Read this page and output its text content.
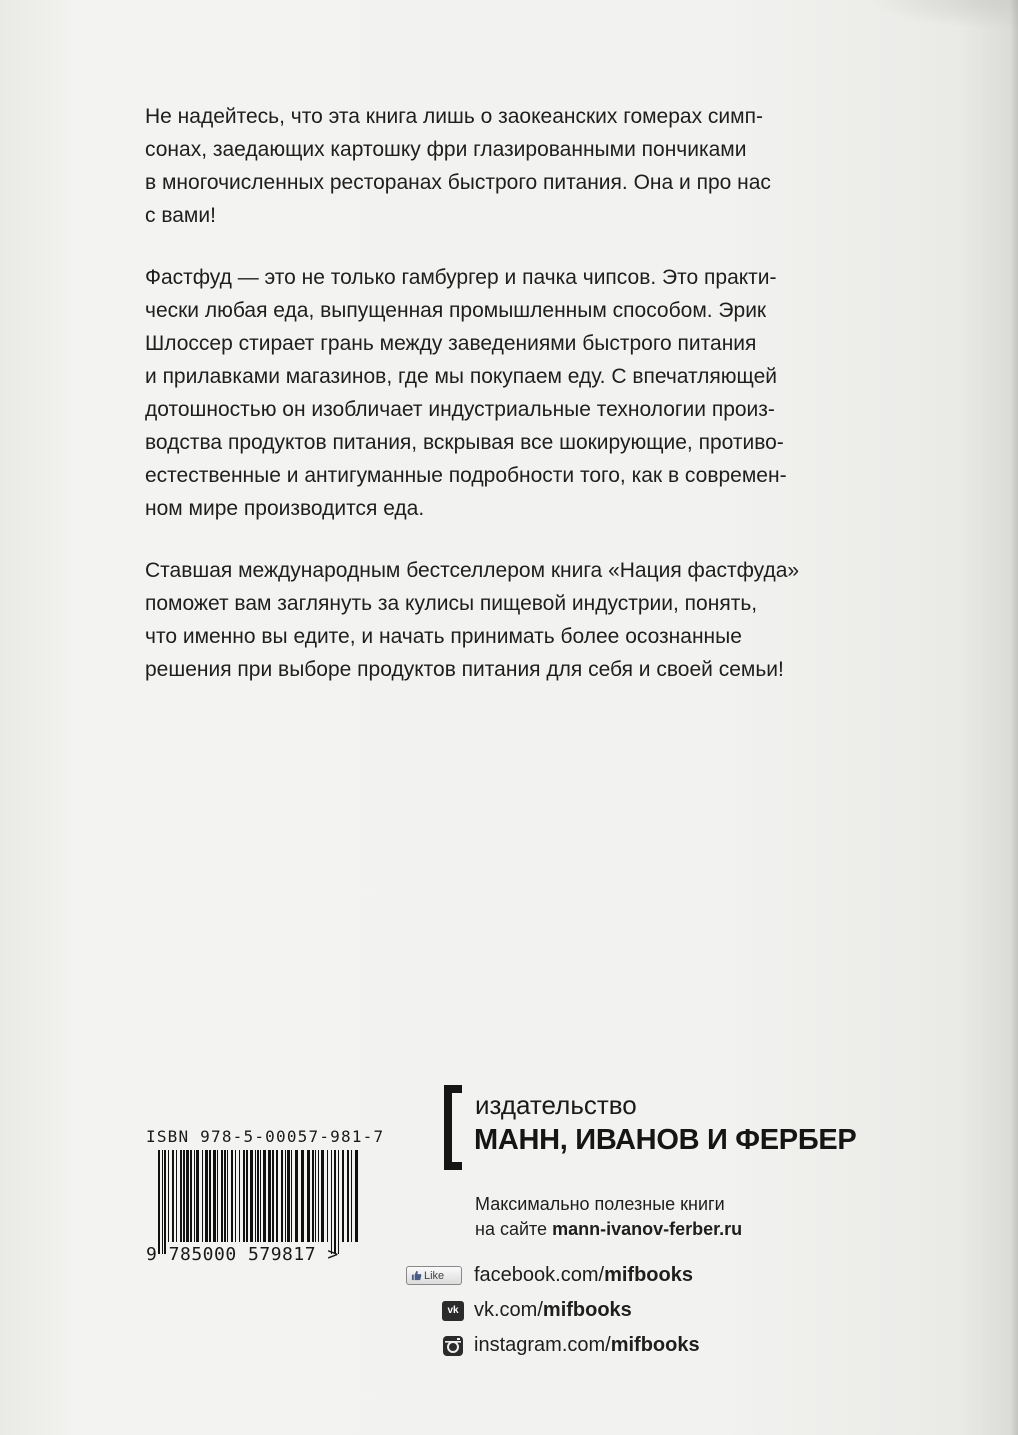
Не надейтесь, что эта книга лишь о заокеанских гомерах симп-
сонах, заедающих картошку фри глазированными пончиками
в многочисленных ресторанах быстрого питания. Она и про нас
с вами!

Фастфуд — это не только гамбургер и пачка чипсов. Это практи-
чески любая еда, выпущенная промышленным способом. Эрик
Шлоссер стирает грань между заведениями быстрого питания
и прилавками магазинов, где мы покупаем еду. С впечатляющей
дотошностью он изобличает индустриальные технологии произ-
водства продуктов питания, вскрывая все шокирующие, противо-
естественные и антигуманные подробности того, как в современ-
ном мире производится еда.

Ставшая международным бестселлером книга «Нация фастфуда»
поможет вам заглянуть за кулисы пищевой индустрии, понять,
что именно вы едите, и начать принимать более осознанные
решения при выборе продуктов питания для себя и своей семьи!

ISBN 978-5-00057-981-7
9 785000 579817 >
издательство
МАНН, ИВАНОВ И ФЕРБЕР
Максимально полезные книги
на сайте mann-ivanov-ferber.ru
Like	facebook.com/mifbooks
vk vk.com/mifbooks
instagram.com/mifbooks
